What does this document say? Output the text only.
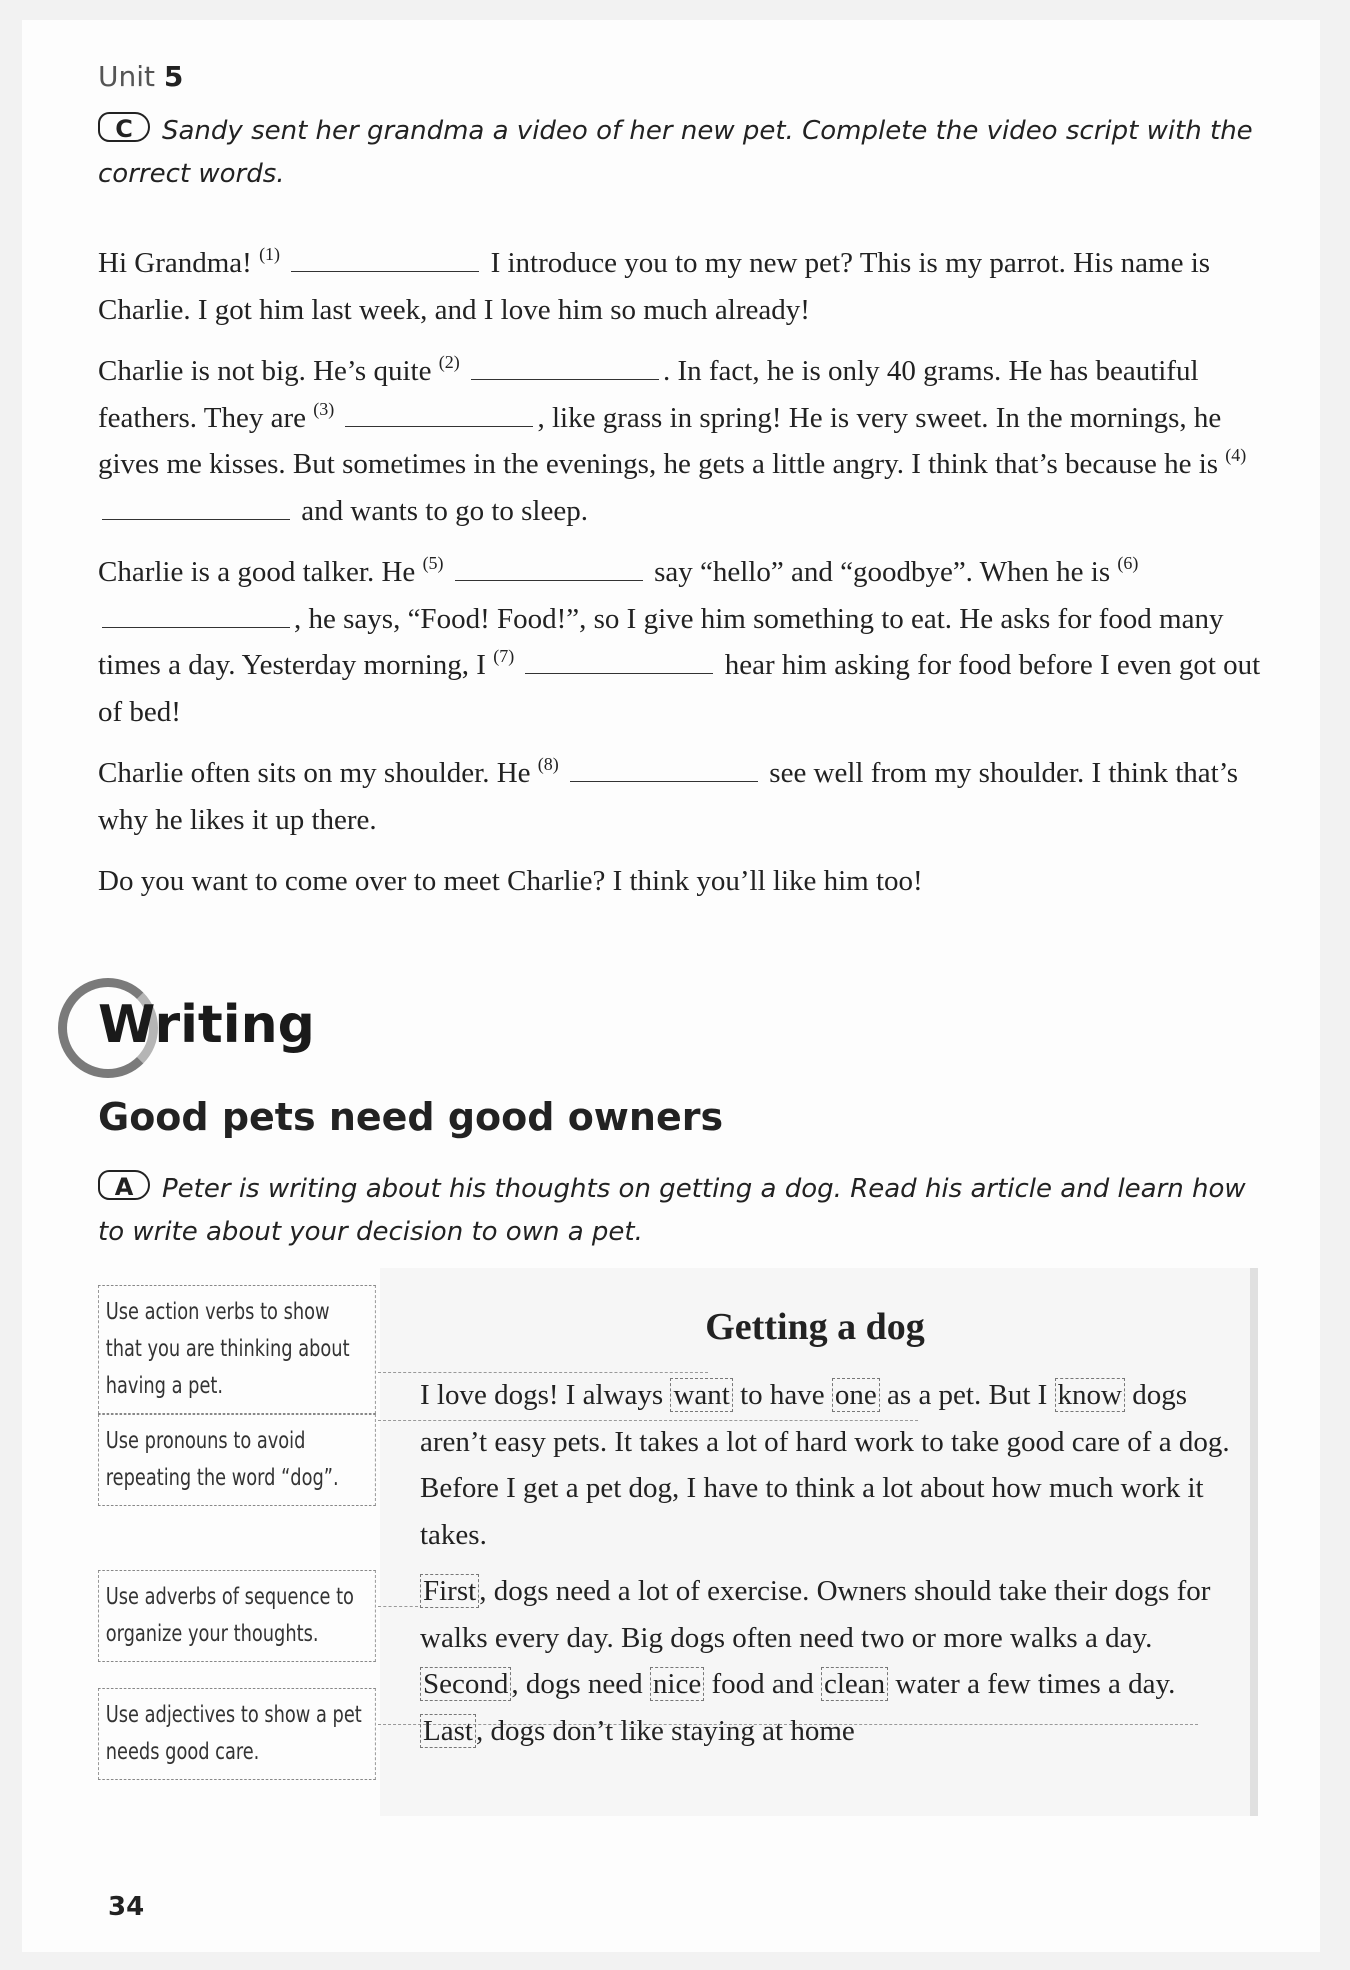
Unit 5
C Sandy sent her grandma a video of her new pet. Complete the video script with the correct words.

Hi Grandma! $^{(1)}$	I introduce you to my new pet? This is my parrot. His name is Charlie. I got him last week, and I love him so much already!

Charlie is not big. He’s quite $^{(2)}$	. In fact, he is only 40 grams. He has beautiful feathers. They are $^{(3)}$	, like grass in spring! He is very sweet. In the mornings, he gives me kisses. But sometimes in the evenings, he gets a little angry. I think that’s because he is $^{(4)}$  and wants to go to sleep.

Charlie is a good talker. He $^{(5)}$	say “hello” and “goodbye”. When he is $^{(6)}$ , he says, “Food! Food!”, so I give him something to eat. He asks for food many times a day. Yesterday morning, I $^{(7)}$	hear him asking for food before I even got out of bed!

Charlie often sits on my shoulder. He $^{(8)}$	see well from my shoulder. I think that’s why he likes it up there.

Do you want to come over to meet Charlie? I think you’ll like him too!

Writing
Good pets need good owners
A Peter is writing about his thoughts on getting a dog. Read his article and learn how to write about your decision to own a pet.
Use action verbs to show that you are thinking about having a pet.
Use pronouns to avoid repeating the word “dog”.
Use adverbs of sequence to organize your thoughts.
Use adjectives to show a pet needs good care.
Getting a dog

I love dogs! I always want to have one as a pet. But I know dogs aren’t easy pets. It takes a lot of hard work to take good care of a dog. Before I get a pet dog, I have to think a lot about how much work it takes.

First , dogs need a lot of exercise. Owners should take their dogs for walks every day. Big dogs often need two or more walks a day. Second , dogs need nice food and clean water a few times a day. Last , dogs don’t like staying at home

34
